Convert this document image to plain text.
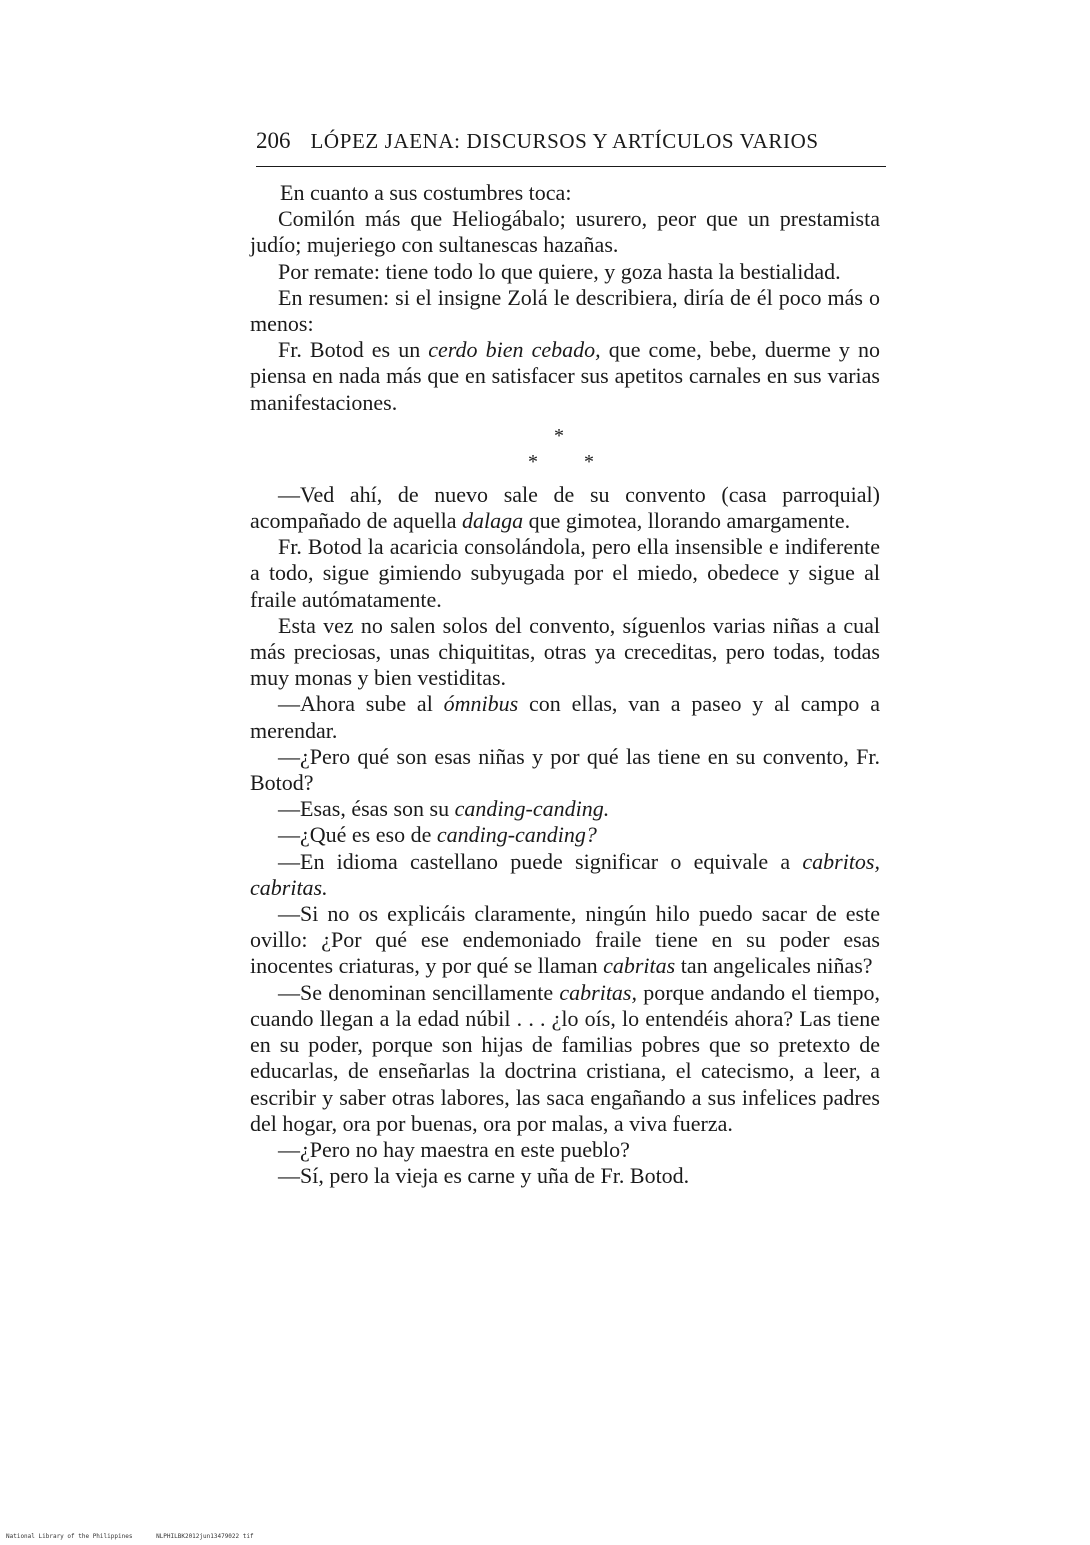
206 LÓPEZ JAENA: DISCURSOS Y ARTÍCULOS VARIOS

En cuanto a sus costumbres toca:

Comilón más que Heliogábalo; usurero, peor que un prestamista judío; mujeriego con sultanescas hazañas.

Por remate: tiene todo lo que quiere, y goza hasta la bestialidad.

En resumen: si el insigne Zolá le describiera, diría de él poco más o menos:

Fr. Botod es un cerdo bien cebado, que come, bebe, duerme y no piensa en nada más que en satisfacer sus apetitos carnales en sus varias manifestaciones.

*
* *

—Ved ahí, de nuevo sale de su convento (casa parroquial) acompañado de aquella dalaga que gimotea, llorando amargamente.

Fr. Botod la acaricia consolándola, pero ella insensible e indiferente a todo, sigue gimiendo subyugada por el miedo, obedece y sigue al fraile autómatamente.

Esta vez no salen solos del convento, síguenlos varias niñas a cual más preciosas, unas chiquititas, otras ya creceditas, pero todas, todas muy monas y bien vestiditas.

—Ahora sube al ómnibus con ellas, van a paseo y al campo a merendar.

—¿Pero qué son esas niñas y por qué las tiene en su convento, Fr. Botod?

—Esas, ésas son su canding-canding.

—¿Qué es eso de canding-canding?

—En idioma castellano puede significar o equivale a cabritos, cabritas.

—Si no os explicáis claramente, ningún hilo puedo sacar de este ovillo: ¿Por qué ese endemoniado fraile tiene en su poder esas inocentes criaturas, y por qué se llaman cabritas tan angelicales niñas?

—Se denominan sencillamente cabritas, porque andando el tiempo, cuando llegan a la edad núbil . . . ¿lo oís, lo entendéis ahora? Las tiene en su poder, porque son hijas de familias pobres que so pretexto de educarlas, de enseñarlas la doctrina cristiana, el catecismo, a leer, a escribir y saber otras labores, las saca engañando a sus infelices padres del hogar, ora por buenas, ora por malas, a viva fuerza.

—¿Pero no hay maestra en este pueblo?

—Sí, pero la vieja es carne y uña de Fr. Botod.

National Library of the Philippines	NLPHILBK2012jun13479022 tif
